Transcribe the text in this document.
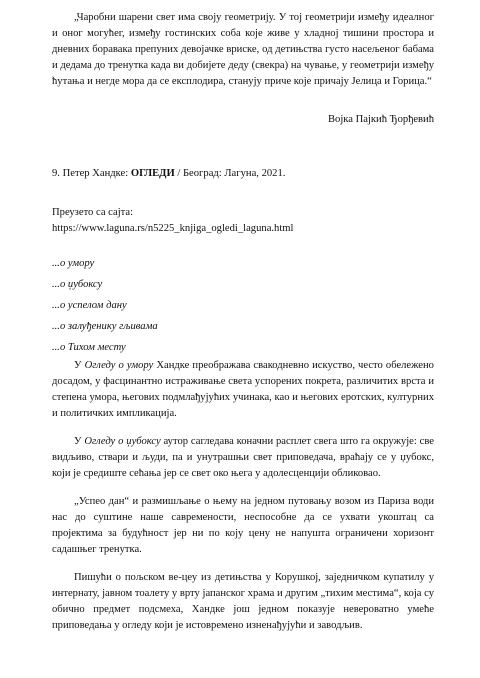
„Чаробни шарени свет има своју геометрију. У тој геометрији између идеалног и оног могућег, између гостинских соба које живе у хладној тишини простора и дневних боравака препуних девојачке вриске, од детињства густо насељеног бабама и дедама до тренутка када ви добијете деду (свекра) на чување, у геометрији између ћутања и негде мора да се експлодира, станују приче које причају Јелица и Горица.“

Војка Пајкић Ђорђевић

9. Петер Хандке: ОГЛЕДИ / Београд: Лагуна, 2021.

Преузето са сајта:
https://www.laguna.rs/n5225_knjiga_ogledi_laguna.html
...о умору
...о џубоксу
...о успелом дану
...о залуђенику гљивама
...о Тихом месту

У Огледу о умору Хандке преображава свакодневно искуство, често обележено досадом, у фасцинантно истраживање света успорених покрета, различитих врста и степена умора, његових подмлађујућих учинака, као и његових еротских, културних и политичких импликација.

У Огледу о џубоксу аутор сагледава коначни расплет свега што га окружује: све видљиво, ствари и људи, па и унутрашњи свет приповедача, враћају се у џубокс, који је средиште сећања јер се свет око њега у адолесценцији обликовао.

„Успео дан“ и размишљање о њему на једном путовању возом из Париза води нас до суштине наше савремености, неспособне да се ухвати укоштац са пројектима за будућност јер ни по коју цену не напушта ограничени хоризонт садашњег тренутка.

Пишући о пољском ве-цеу из детињства у Корушкој, заједничком купатилу у интернату, јавном тоалету у врту јапанског храма и другим „тихим местима“, која су обично предмет подсмеха, Хандке још једном показује невероватно умеће приповедања у огледу који је истовремено изненађујући и заводљив.
